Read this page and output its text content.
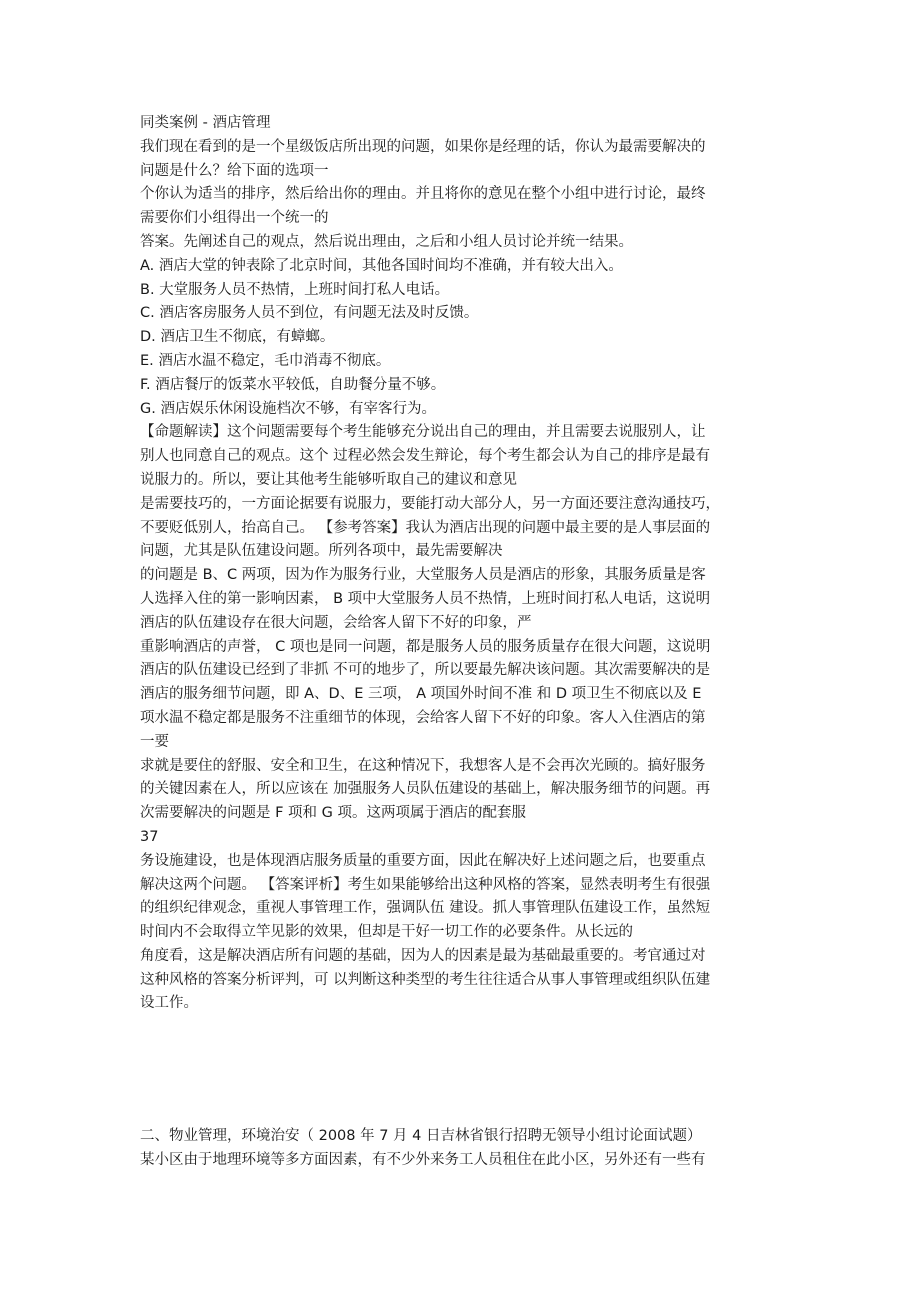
同类案例 - 酒店管理
我们现在看到的是一个星级饭店所出现的问题，如果你是经理的话，你认为最需要解决的
问题是什么？给下面的选项一
个你认为适当的排序，然后给出你的理由。并且将你的意见在整个小组中进行讨论，最终
需要你们小组得出一个统一的
答案。先阐述自己的观点，然后说出理由，之后和小组人员讨论并统一结果。
A. 酒店大堂的钟表除了北京时间，其他各国时间均不准确，并有较大出入。
B. 大堂服务人员不热情，上班时间打私人电话。
C. 酒店客房服务人员不到位，有问题无法及时反馈。
D. 酒店卫生不彻底，有蟑螂。
E. 酒店水温不稳定，毛巾消毒不彻底。
F. 酒店餐厅的饭菜水平较低，自助餐分量不够。
G. 酒店娱乐休闲设施档次不够，有宰客行为。
【命题解读】这个问题需要每个考生能够充分说出自己的理由，并且需要去说服别人，让
别人也同意自己的观点。这个 过程必然会发生辩论，每个考生都会认为自己的排序是最有
说服力的。所以，要让其他考生能够听取自己的建议和意见
是需要技巧的，一方面论据要有说服力，要能打动大部分人，另一方面还要注意沟通技巧，
不要贬低别人，抬高自己。 【参考答案】我认为酒店出现的问题中最主要的是人事层面的
问题，尤其是队伍建设问题。所列各项中，最先需要解决
的问题是 B、C 两项，因为作为服务行业，大堂服务人员是酒店的形象，其服务质量是客
人选择入住的第一影响因素， B 项中大堂服务人员不热情，上班时间打私人电话，这说明
酒店的队伍建设存在很大问题，会给客人留下不好的印象，严
重影响酒店的声誉， C 项也是同一问题，都是服务人员的服务质量存在很大问题，这说明
酒店的队伍建设已经到了非抓 不可的地步了，所以要最先解决该问题。其次需要解决的是
酒店的服务细节问题，即 A、D、E 三项， A 项国外时间不准 和 D 项卫生不彻底以及 E
项水温不稳定都是服务不注重细节的体现，会给客人留下不好的印象。客人入住酒店的第
一要
求就是要住的舒服、安全和卫生，在这种情况下，我想客人是不会再次光顾的。搞好服务
的关键因素在人，所以应该在 加强服务人员队伍建设的基础上，解决服务细节的问题。再
次需要解决的问题是 F 项和 G 项。这两项属于酒店的配套服
37
务设施建设，也是体现酒店服务质量的重要方面，因此在解决好上述问题之后，也要重点
解决这两个问题。 【答案评析】考生如果能够给出这种风格的答案，显然表明考生有很强
的组织纪律观念，重视人事管理工作，强调队伍 建设。抓人事管理队伍建设工作，虽然短
时间内不会取得立竿见影的效果，但却是干好一切工作的必要条件。从长远的
角度看，这是解决酒店所有问题的基础，因为人的因素是最为基础最重要的。考官通过对
这种风格的答案分析评判，可 以判断这种类型的考生往往适合从事人事管理或组织队伍建
设工作。
二、物业管理，环境治安（ 2008 年 7 月 4 日吉林省银行招聘无领导小组讨论面试题）
某小区由于地理环境等多方面因素，有不少外来务工人员租住在此小区，另外还有一些有
